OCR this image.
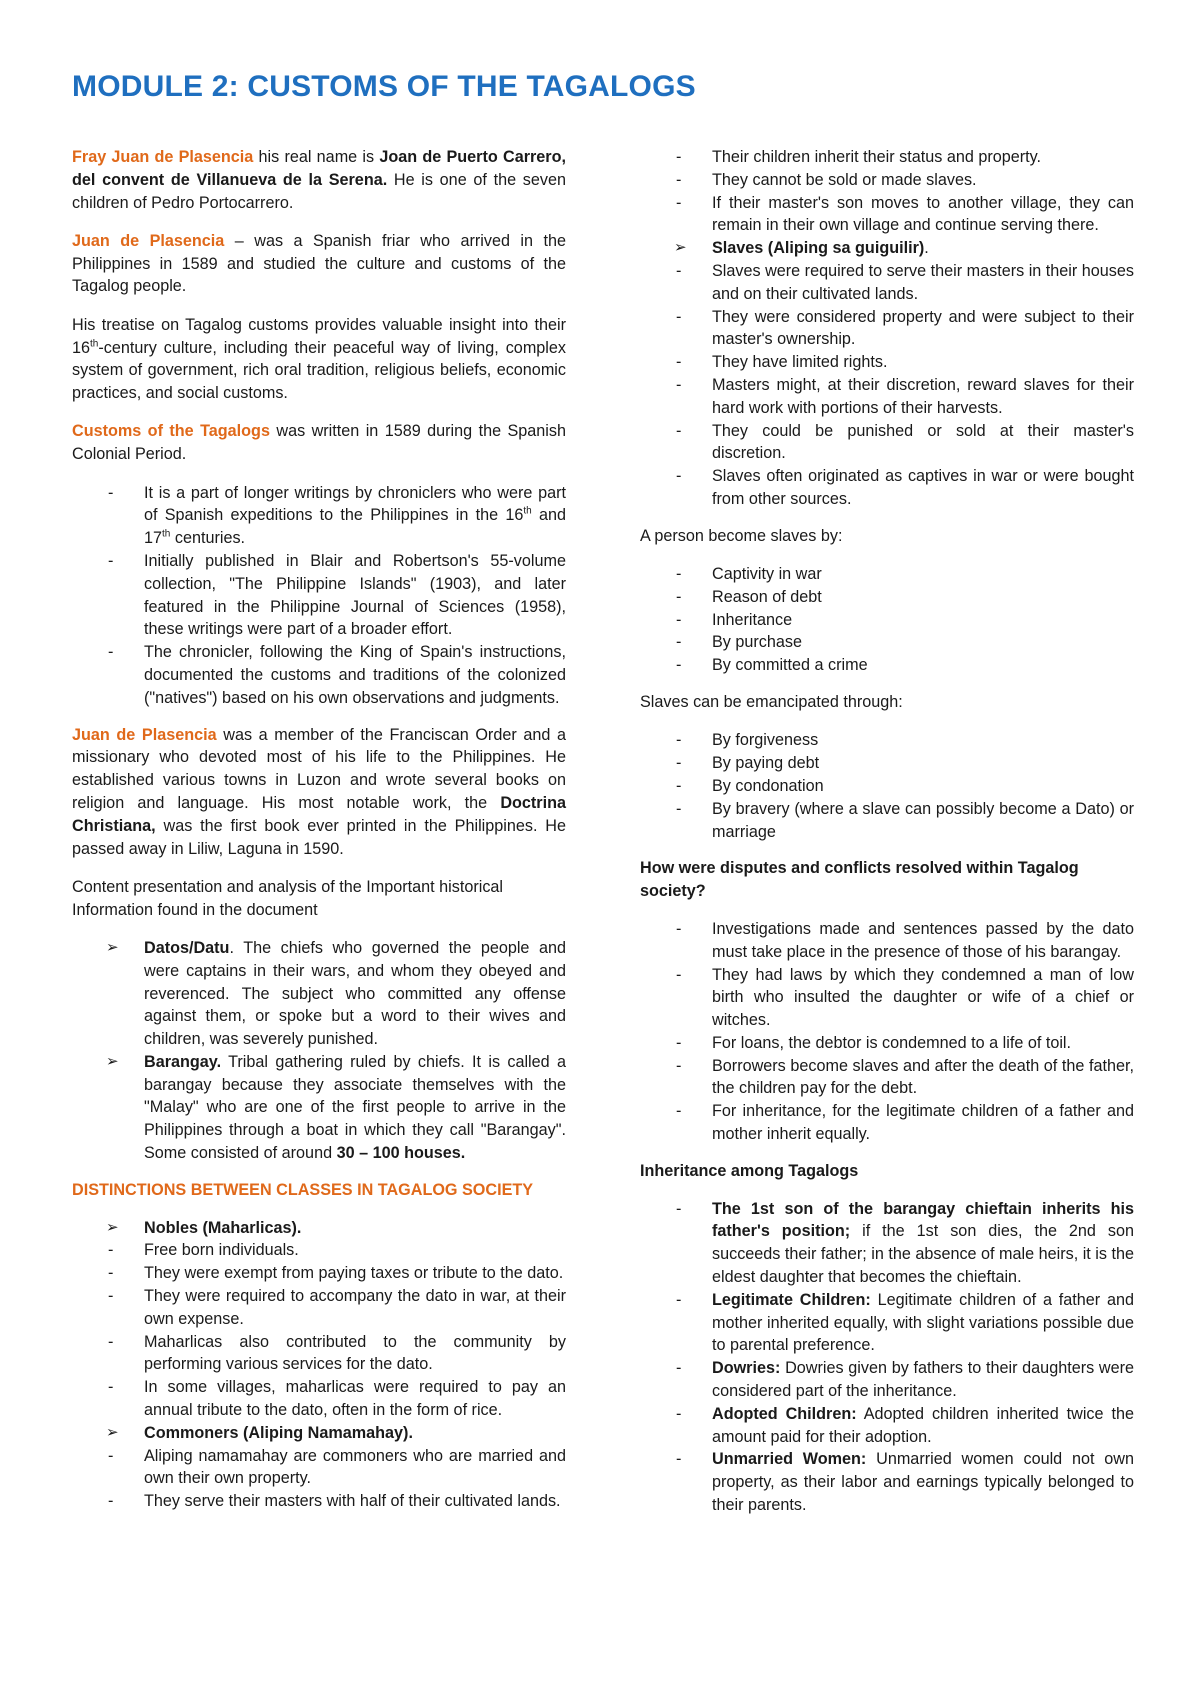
MODULE 2: CUSTOMS OF THE TAGALOGS

Fray Juan de Plasencia his real name is Joan de Puerto Carrero, del convent de Villanueva de la Serena. He is one of the seven children of Pedro Portocarrero.

Juan de Plasencia – was a Spanish friar who arrived in the Philippines in 1589 and studied the culture and customs of the Tagalog people.

His treatise on Tagalog customs provides valuable insight into their 16th-century culture, including their peaceful way of living, complex system of government, rich oral tradition, religious beliefs, economic practices, and social customs.

Customs of the Tagalogs was written in 1589 during the Spanish Colonial Period.

- It is a part of longer writings by chroniclers who were part of Spanish expeditions to the Philippines in the 16th and 17th centuries.
- Initially published in Blair and Robertson's 55-volume collection, "The Philippine Islands" (1903), and later featured in the Philippine Journal of Sciences (1958), these writings were part of a broader effort.
- The chronicler, following the King of Spain's instructions, documented the customs and traditions of the colonized ("natives") based on his own observations and judgments.

Juan de Plasencia was a member of the Franciscan Order and a missionary who devoted most of his life to the Philippines. He established various towns in Luzon and wrote several books on religion and language. His most notable work, the Doctrina Christiana, was the first book ever printed in the Philippines. He passed away in Liliw, Laguna in 1590.

Content presentation and analysis of the Important historical Information found in the document

➢ Datos/Datu. The chiefs who governed the people and were captains in their wars, and whom they obeyed and reverenced. The subject who committed any offense against them, or spoke but a word to their wives and children, was severely punished.
➢ Barangay. Tribal gathering ruled by chiefs. It is called a barangay because they associate themselves with the "Malay" who are one of the first people to arrive in the Philippines through a boat in which they call "Barangay". Some consisted of around 30 – 100 houses.

DISTINCTIONS BETWEEN CLASSES IN TAGALOG SOCIETY

➢ Nobles (Maharlicas).
- Free born individuals.
- They were exempt from paying taxes or tribute to the dato.
- They were required to accompany the dato in war, at their own expense.
- Maharlicas also contributed to the community by performing various services for the dato.
- In some villages, maharlicas were required to pay an annual tribute to the dato, often in the form of rice.
➢ Commoners (Aliping Namamahay).
- Aliping namamahay are commoners who are married and own their own property.
- They serve their masters with half of their cultivated lands.
- Their children inherit their status and property.
- They cannot be sold or made slaves.
- If their master's son moves to another village, they can remain in their own village and continue serving there.
➢ Slaves (Aliping sa guiguilir).
- Slaves were required to serve their masters in their houses and on their cultivated lands.
- They were considered property and were subject to their master's ownership.
- They have limited rights.
- Masters might, at their discretion, reward slaves for their hard work with portions of their harvests.
- They could be punished or sold at their master's discretion.
- Slaves often originated as captives in war or were bought from other sources.

A person become slaves by:

- Captivity in war
- Reason of debt
- Inheritance
- By purchase
- By committed a crime

Slaves can be emancipated through:

- By forgiveness
- By paying debt
- By condonation
- By bravery (where a slave can possibly become a Dato) or marriage

How were disputes and conflicts resolved within Tagalog society?

- Investigations made and sentences passed by the dato must take place in the presence of those of his barangay.
- They had laws by which they condemned a man of low birth who insulted the daughter or wife of a chief or witches.
- For loans, the debtor is condemned to a life of toil.
- Borrowers become slaves and after the death of the father, the children pay for the debt.
- For inheritance, for the legitimate children of a father and mother inherit equally.

Inheritance among Tagalogs

- The 1st son of the barangay chieftain inherits his father's position; if the 1st son dies, the 2nd son succeeds their father; in the absence of male heirs, it is the eldest daughter that becomes the chieftain.
- Legitimate Children: Legitimate children of a father and mother inherited equally, with slight variations possible due to parental preference.
- Dowries: Dowries given by fathers to their daughters were considered part of the inheritance.
- Adopted Children: Adopted children inherited twice the amount paid for their adoption.
- Unmarried Women: Unmarried women could not own property, as their labor and earnings typically belonged to their parents.
